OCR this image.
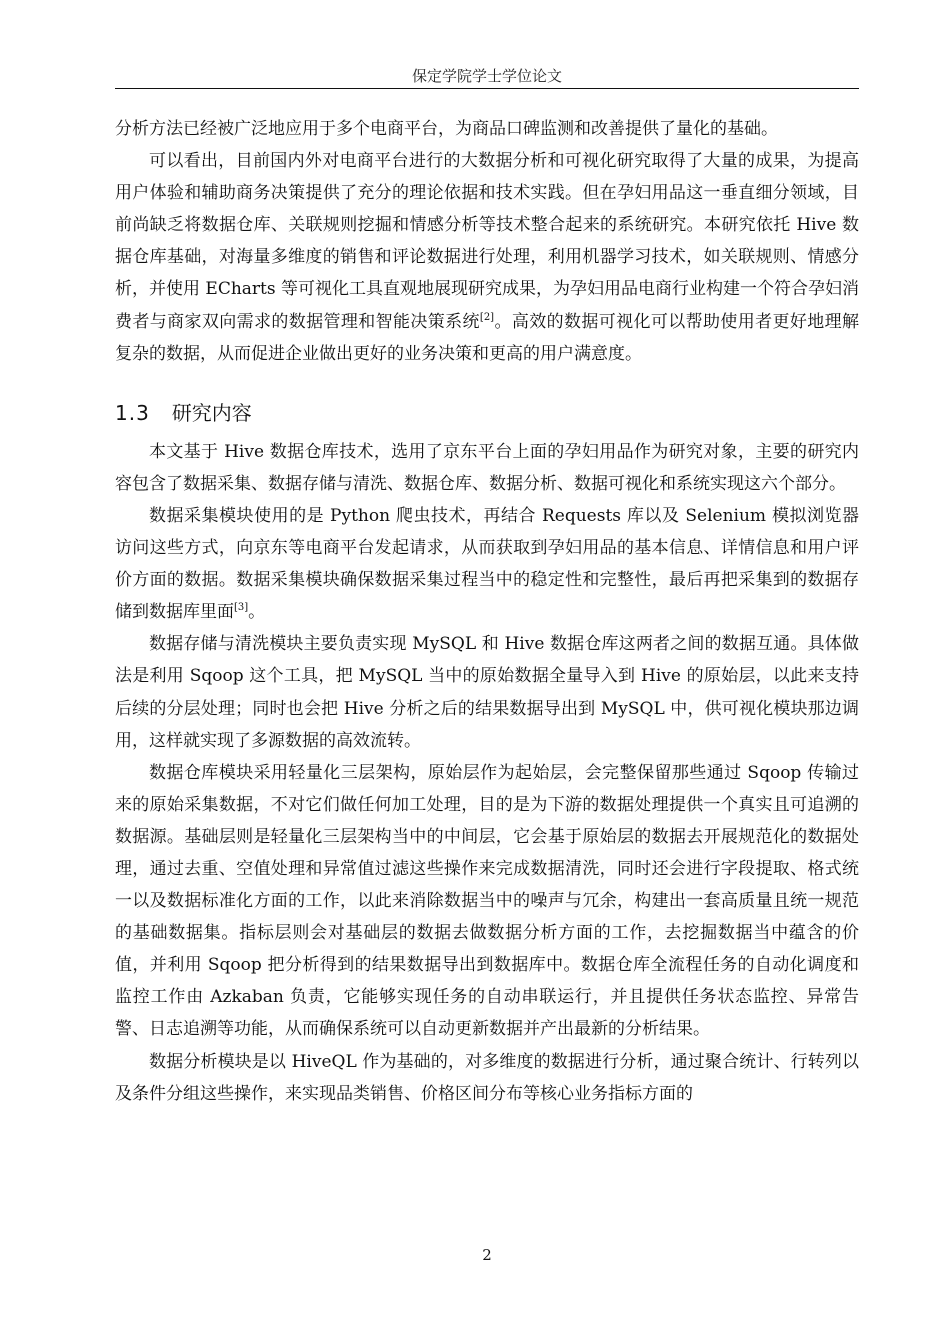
保定学院学士学位论文

分析方法已经被广泛地应用于多个电商平台，为商品口碑监测和改善提供了量化的基础。

可以看出，目前国内外对电商平台进行的大数据分析和可视化研究取得了大量的成果，为提高用户体验和辅助商务决策提供了充分的理论依据和技术实践。但在孕妇用品这一垂直细分领域，目前尚缺乏将数据仓库、关联规则挖掘和情感分析等技术整合起来的系统研究。本研究依托 Hive 数据仓库基础，对海量多维度的销售和评论数据进行处理，利用机器学习技术，如关联规则、情感分析，并使用 ECharts 等可视化工具直观地展现研究成果，为孕妇用品电商行业构建一个符合孕妇消费者与商家双向需求的数据管理和智能决策系统[2]。高效的数据可视化可以帮助使用者更好地理解复杂的数据，从而促进企业做出更好的业务决策和更高的用户满意度。

1.3 研究内容

本文基于 Hive 数据仓库技术，选用了京东平台上面的孕妇用品作为研究对象，主要的研究内容包含了数据采集、数据存储与清洗、数据仓库、数据分析、数据可视化和系统实现这六个部分。

数据采集模块使用的是 Python 爬虫技术，再结合 Requests 库以及 Selenium 模拟浏览器访问这些方式，向京东等电商平台发起请求，从而获取到孕妇用品的基本信息、详情信息和用户评价方面的数据。数据采集模块确保数据采集过程当中的稳定性和完整性，最后再把采集到的数据存储到数据库里面[3]。

数据存储与清洗模块主要负责实现 MySQL 和 Hive 数据仓库这两者之间的数据互通。具体做法是利用 Sqoop 这个工具，把 MySQL 当中的原始数据全量导入到 Hive 的原始层，以此来支持后续的分层处理；同时也会把 Hive 分析之后的结果数据导出到 MySQL 中，供可视化模块那边调用，这样就实现了多源数据的高效流转。

数据仓库模块采用轻量化三层架构，原始层作为起始层，会完整保留那些通过 Sqoop 传输过来的原始采集数据，不对它们做任何加工处理，目的是为下游的数据处理提供一个真实且可追溯的数据源。基础层则是轻量化三层架构当中的中间层，它会基于原始层的数据去开展规范化的数据处理，通过去重、空值处理和异常值过滤这些操作来完成数据清洗，同时还会进行字段提取、格式统一以及数据标准化方面的工作，以此来消除数据当中的噪声与冗余，构建出一套高质量且统一规范的基础数据集。指标层则会对基础层的数据去做数据分析方面的工作，去挖掘数据当中蕴含的价值，并利用 Sqoop 把分析得到的结果数据导出到数据库中。数据仓库全流程任务的自动化调度和监控工作由 Azkaban 负责，它能够实现任务的自动串联运行，并且提供任务状态监控、异常告警、日志追溯等功能，从而确保系统可以自动更新数据并产出最新的分析结果。

数据分析模块是以 HiveQL 作为基础的，对多维度的数据进行分析，通过聚合统计、行转列以及条件分组这些操作，来实现品类销售、价格区间分布等核心业务指标方面的

2
